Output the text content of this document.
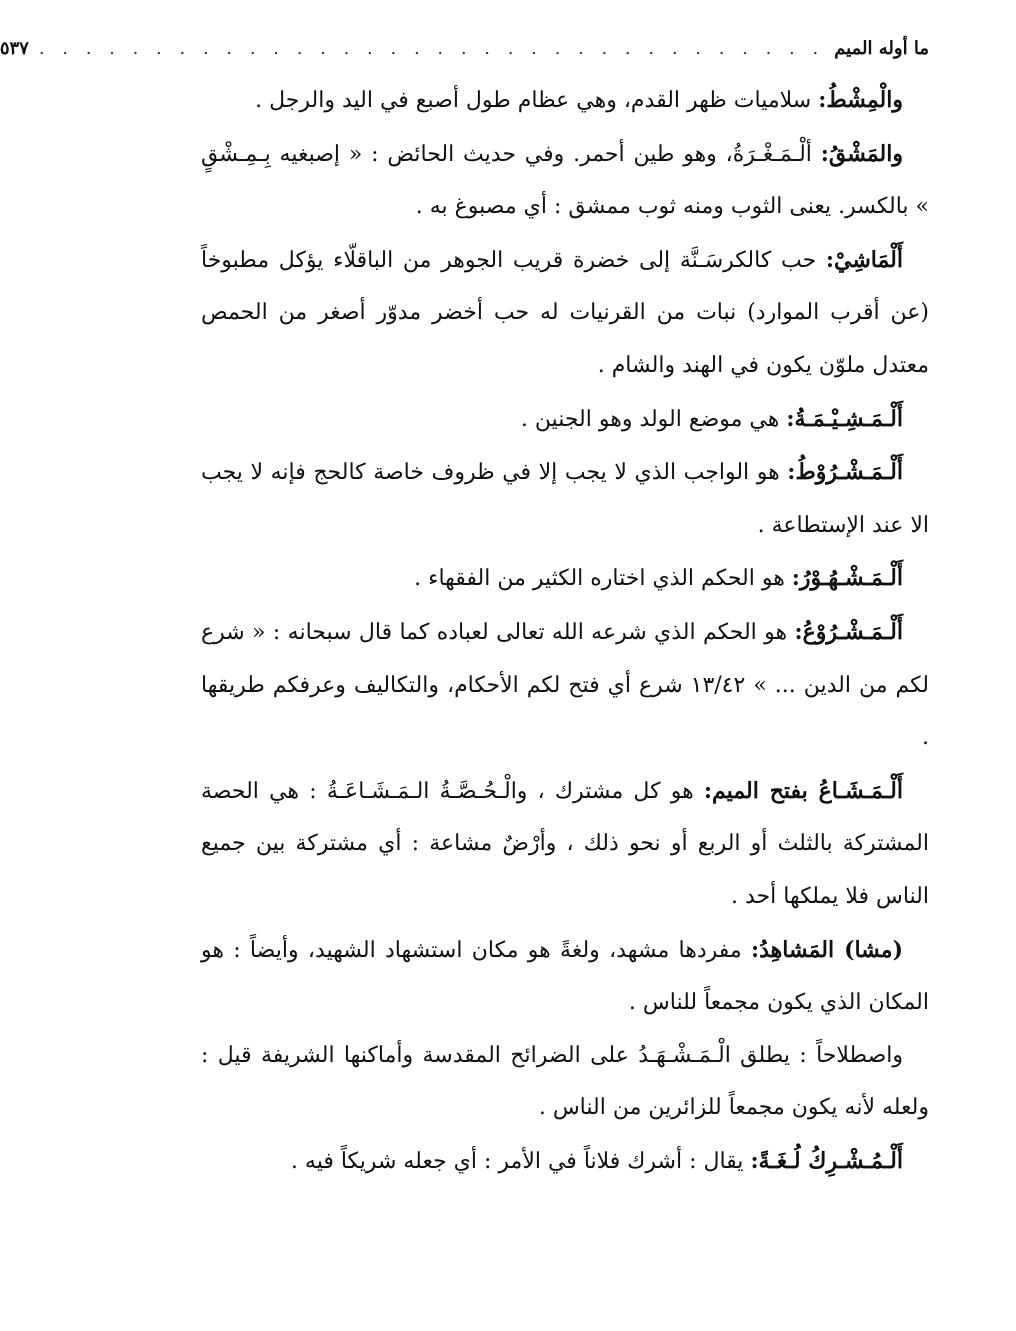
ما أوله الميم
. . . . . . . . . . . . . . . . . . . . . . . . . . . . . . . . . .
٥٣٧

والْمِشْطُ: سلاميات ظهر القدم، وهي عظام طول أصبع في اليد والرجل .

والمَشْقُ: ألْـمَـغْـرَةُ، وهو طين أحمر. وفي حديث الحائض : « إصبغيه بِـمِـشْقٍ » بالكسر. يعنى الثوب ومنه ثوب ممشق : أي مصبوغ به .

أَلْمَاشِيْ: حب كالكرسَـنَّة إلى خضرة قريب الجوهر من الباقلّاء يؤكل مطبوخاً (عن أقرب الموارد) نبات من القرنيات له حب أخضر مدوّر أصغر من الحمص معتدل ملوّن يكون في الهند والشام .

أَلْـمَـشِـيْـمَـةُ: هي موضع الولد وهو الجنين .

أَلْـمَـشْـرُوْطُ: هو الواجب الذي لا يجب إلا في ظروف خاصة كالحج فإنه لا يجب الا عند الإستطاعة .

أَلْـمَـشْـهُـوْرُ: هو الحكم الذي اختاره الكثير من الفقهاء .

أَلْـمَـشْـرُوْعُ: هو الحكم الذي شرعه الله تعالى لعباده كما قال سبحانه : « شرع لكم من الدين ... » ١٣/٤٢ شرع أي فتح لكم الأحكام، والتكاليف وعرفكم طريقها .

أَلْـمَـشَـاعُ بفتح الميم: هو كل مشترك ، والْـحُـصَّـةُ الـمَـشَـاعَـةُ : هي الحصة المشتركة بالثلث أو الربع أو نحو ذلك ، وأرْضٌ مشاعة : أي مشتركة بين جميع الناس فلا يملكها أحد .

(مشا) المَشاهِدُ: مفردها مشهد، ولغةً هو مكان استشهاد الشهيد، وأيضاً : هو المكان الذي يكون مجمعاً للناس .

واصطلاحاً : يطلق الْـمَـشْـهَـدُ على الضرائح المقدسة وأماكنها الشريفة قيل : ولعله لأنه يكون مجمعاً للزائرين من الناس .

أَلْـمُـشْـرِكُ لُـغَـةً: يقال : أشرك فلاناً في الأمر : أي جعله شريكاً فيه .
